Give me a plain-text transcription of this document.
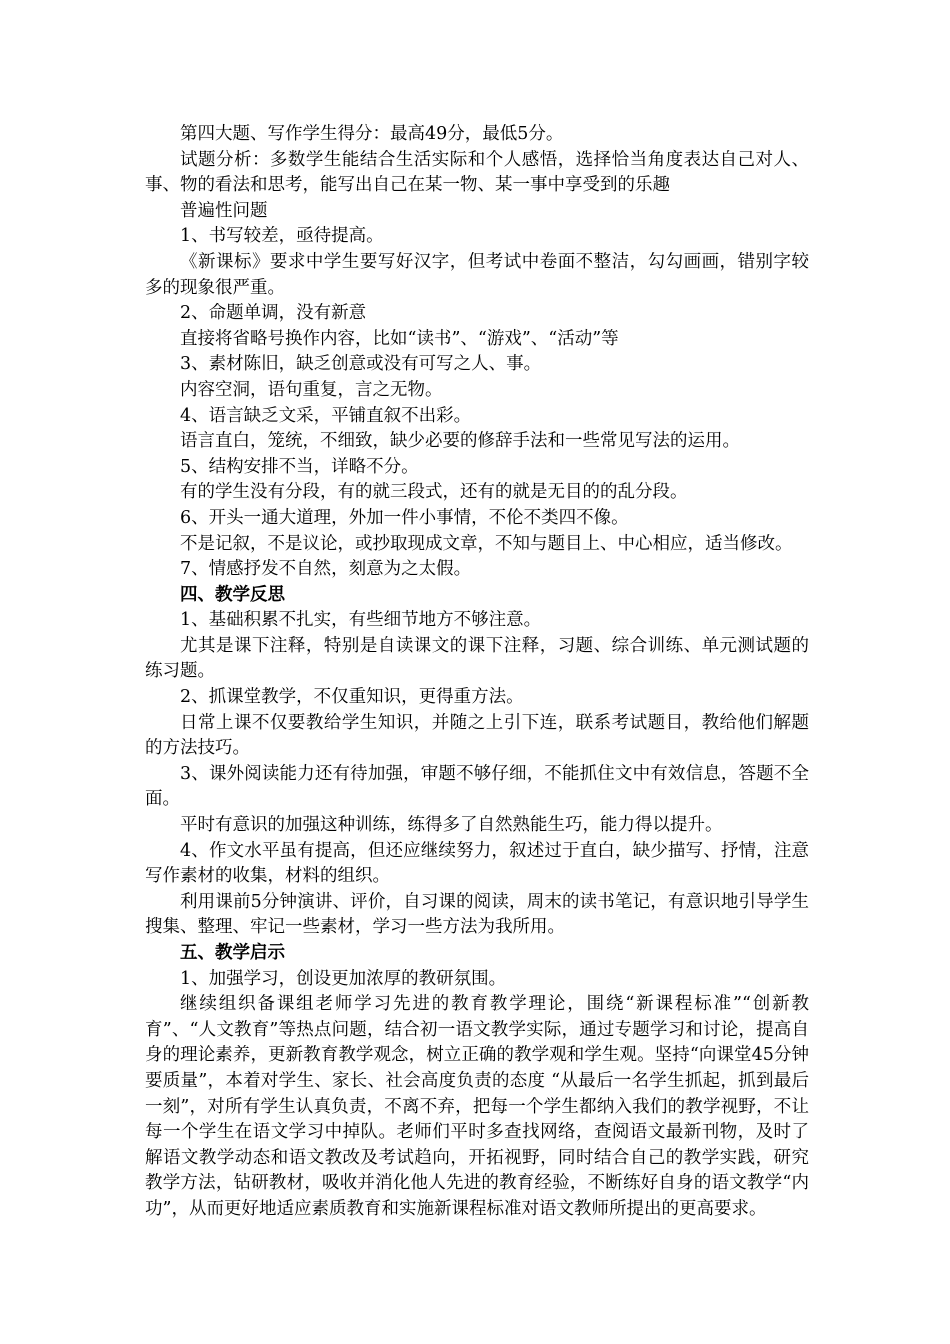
第四大题、写作学生得分：最高49分，最低5分。

试题分析：多数学生能结合生活实际和个人感悟，选择恰当角度表达自己对人、事、物的看法和思考，能写出自己在某一物、某一事中享受到的乐趣

普遍性问题

1、书写较差，亟待提高。

《新课标》要求中学生要写好汉字，但考试中卷面不整洁，勾勾画画，错别字较多的现象很严重。

2、命题单调，没有新意

直接将省略号换作内容，比如“读书”、“游戏”、“活动”等

3、素材陈旧，缺乏创意或没有可写之人、事。

内容空洞，语句重复，言之无物。

4、语言缺乏文采，平铺直叙不出彩。

语言直白，笼统，不细致，缺少必要的修辞手法和一些常见写法的运用。

5、结构安排不当，详略不分。

有的学生没有分段，有的就三段式，还有的就是无目的的乱分段。

6、开头一通大道理，外加一件小事情，不伦不类四不像。

不是记叙，不是议论，或抄取现成文章，不知与题目上、中心相应，适当修改。

7、情感抒发不自然，刻意为之太假。

四、教学反思

1、基础积累不扎实，有些细节地方不够注意。

尤其是课下注释，特别是自读课文的课下注释，习题、综合训练、单元测试题的练习题。

2、抓课堂教学，不仅重知识，更得重方法。

日常上课不仅要教给学生知识，并随之上引下连，联系考试题目，教给他们解题的方法技巧。

3、课外阅读能力还有待加强，审题不够仔细，不能抓住文中有效信息，答题不全面。

平时有意识的加强这种训练，练得多了自然熟能生巧，能力得以提升。

4、作文水平虽有提高，但还应继续努力，叙述过于直白，缺少描写、抒情，注意写作素材的收集，材料的组织。

利用课前5分钟演讲、评价，自习课的阅读，周末的读书笔记，有意识地引导学生搜集、整理、牢记一些素材，学习一些方法为我所用。

五、教学启示

1、加强学习，创设更加浓厚的教研氛围。

继续组织备课组老师学习先进的教育教学理论，围绕“新课程标准”“创新教育”、“人文教育”等热点问题，结合初一语文教学实际，通过专题学习和讨论，提高自身的理论素养，更新教育教学观念，树立正确的教学观和学生观。坚持“向课堂45分钟要质量”，本着对学生、家长、社会高度负责的态度 “从最后一名学生抓起，抓到最后一刻”，对所有学生认真负责，不离不弃，把每一个学生都纳入我们的教学视野，不让每一个学生在语文学习中掉队。老师们平时多查找网络，查阅语文最新刊物，及时了解语文教学动态和语文教改及考试趋向，开拓视野，同时结合自己的教学实践，研究教学方法，钻研教材，吸收并消化他人先进的教育经验，不断练好自身的语文教学“内功”，从而更好地适应素质教育和实施新课程标准对语文教师所提出的更高要求。
